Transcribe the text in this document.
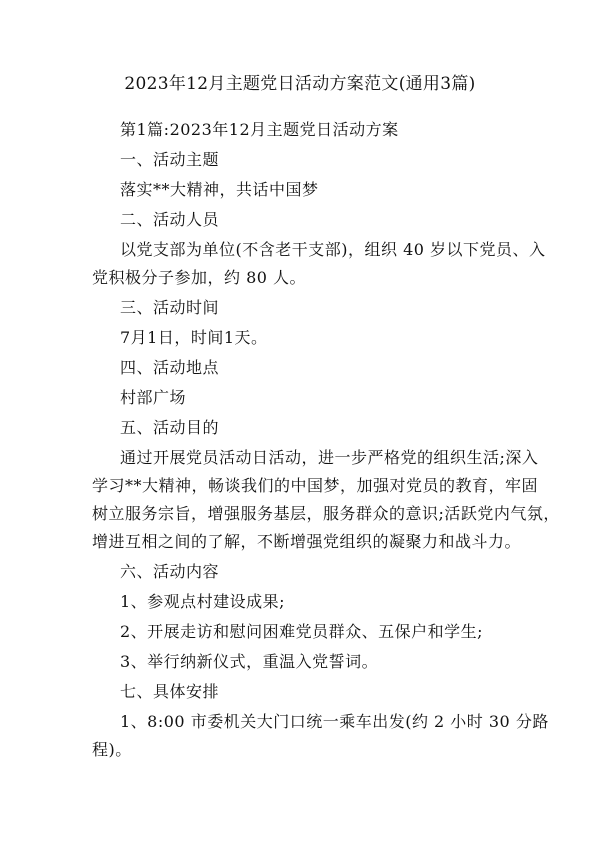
2023年12月主题党日活动方案范文(通用3篇)
第1篇:2023年12月主题党日活动方案
一、活动主题
落实**大精神，共话中国梦
二、活动人员
以党支部为单位(不含老干支部)，组织 40 岁以下党员、入
党积极分子参加，约 80 人。
三、活动时间
7月1日，时间1天。
四、活动地点
村部广场
五、活动目的
通过开展党员活动日活动，进一步严格党的组织生活;深入
学习**大精神，畅谈我们的中国梦，加强对党员的教育，牢固
树立服务宗旨，增强服务基层，服务群众的意识;活跃党内气氛，
增进互相之间的了解，不断增强党组织的凝聚力和战斗力。
六、活动内容
1、参观点村建设成果;
2、开展走访和慰问困难党员群众、五保户和学生;
3、举行纳新仪式，重温入党誓词。
七、具体安排
1、8:00 市委机关大门口统一乘车出发(约 2 小时 30 分路
程)。
